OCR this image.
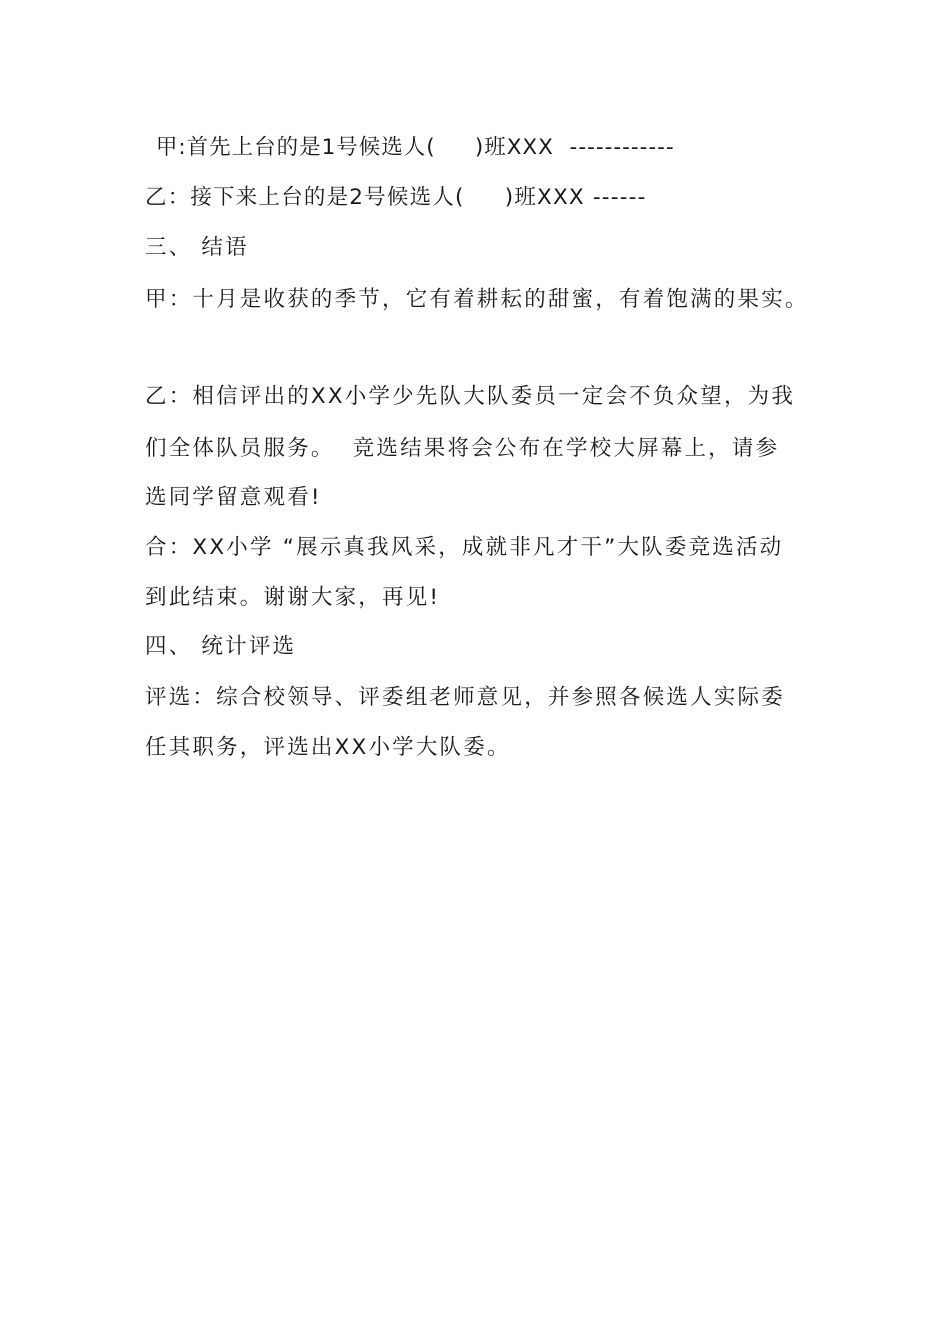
甲:首先上台的是1号候选人(     )班XXX  ------------
乙：接下来上台的是2号候选人(     )班XXX ------
三、 结语
甲：十月是收获的季节，它有着耕耘的甜蜜，有着饱满的果实。
乙：相信评出的XX小学少先队大队委员一定会不负众望，为我
们全体队员服务。  竞选结果将会公布在学校大屏幕上，请参
选同学留意观看!
合：XX小学 “展示真我风采，成就非凡才干”大队委竞选活动
到此结束。谢谢大家，再见!
四、 统计评选
评选：综合校领导、评委组老师意见，并参照各候选人实际委
任其职务，评选出XX小学大队委。
